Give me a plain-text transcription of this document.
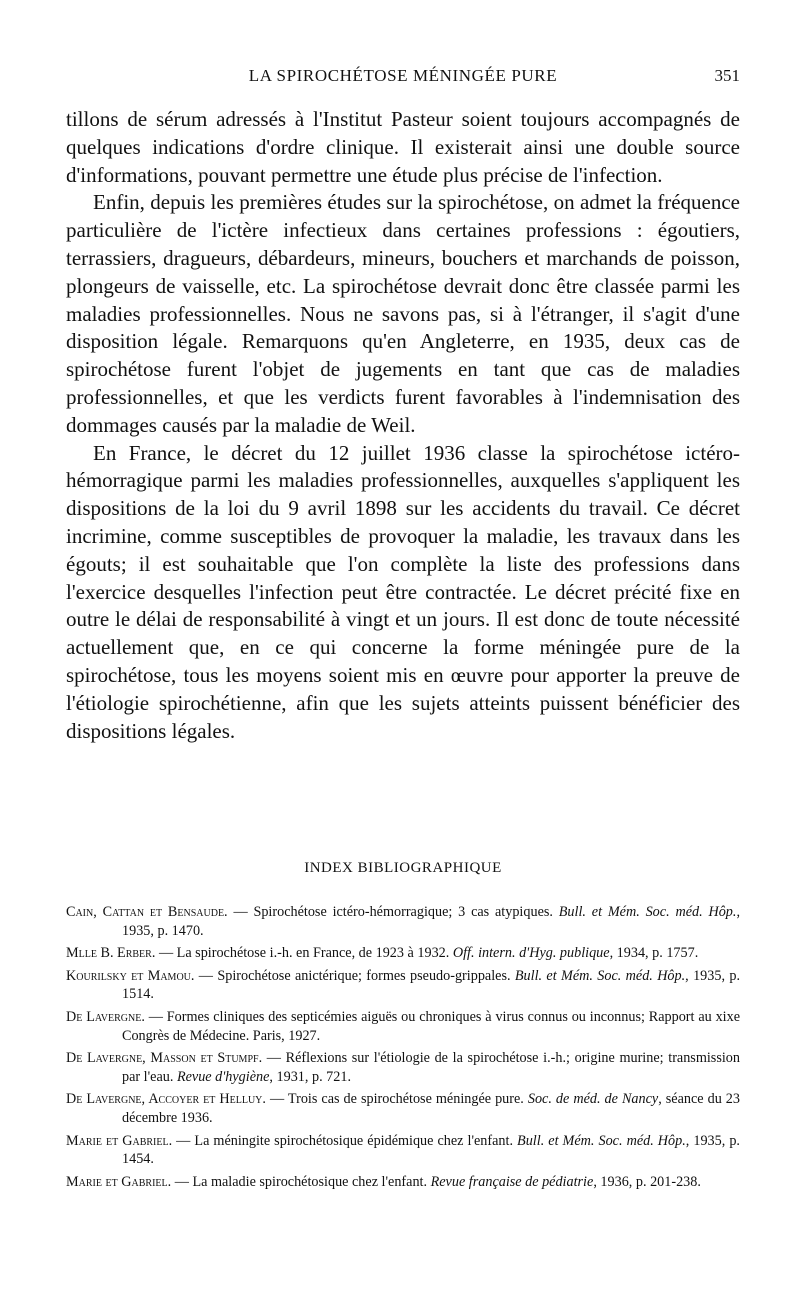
LA SPIROCHÉTOSE MÉNINGÉE PURE	351

tillons de sérum adressés à l'Institut Pasteur soient toujours accompagnés de quelques indications d'ordre clinique. Il existerait ainsi une double source d'informations, pouvant permettre une étude plus précise de l'infection.

Enfin, depuis les premières études sur la spirochétose, on admet la fréquence particulière de l'ictère infectieux dans certaines professions : égoutiers, terrassiers, dragueurs, débardeurs, mineurs, bouchers et marchands de poisson, plongeurs de vaisselle, etc. La spirochétose devrait donc être classée parmi les maladies professionnelles. Nous ne savons pas, si à l'étranger, il s'agit d'une disposition légale. Remarquons qu'en Angleterre, en 1935, deux cas de spirochétose furent l'objet de jugements en tant que cas de maladies professionnelles, et que les verdicts furent favorables à l'indemnisation des dommages causés par la maladie de Weil.

En France, le décret du 12 juillet 1936 classe la spirochétose ictéro-hémorragique parmi les maladies professionnelles, auxquelles s'appliquent les dispositions de la loi du 9 avril 1898 sur les accidents du travail. Ce décret incrimine, comme susceptibles de provoquer la maladie, les travaux dans les égouts; il est souhaitable que l'on complète la liste des professions dans l'exercice desquelles l'infection peut être contractée. Le décret précité fixe en outre le délai de responsabilité à vingt et un jours. Il est donc de toute nécessité actuellement que, en ce qui concerne la forme méningée pure de la spirochétose, tous les moyens soient mis en œuvre pour apporter la preuve de l'étiologie spirochétienne, afin que les sujets atteints puissent bénéficier des dispositions légales.

INDEX BIBLIOGRAPHIQUE

Cain, Cattan et Bensaude. — Spirochétose ictéro-hémorragique; 3 cas atypiques. Bull. et Mém. Soc. méd. Hôp., 1935, p. 1470.

Mlle B. Erber. — La spirochétose i.-h. en France, de 1923 à 1932. Off. intern. d'Hyg. publique, 1934, p. 1757.

Kourilsky et Mamou. — Spirochétose anictérique; formes pseudo-grippales. Bull. et Mém. Soc. méd. Hôp., 1935, p. 1514.

De Lavergne. — Formes cliniques des septicémies aiguës ou chroniques à virus connus ou inconnus; Rapport au xixe Congrès de Médecine. Paris, 1927.

De Lavergne, Masson et Stumpf. — Réflexions sur l'étiologie de la spirochétose i.-h.; origine murine; transmission par l'eau. Revue d'hygiène, 1931, p. 721.

De Lavergne, Accoyer et Helluy. — Trois cas de spirochétose méningée pure. Soc. de méd. de Nancy, séance du 23 décembre 1936.

Marie et Gabriel. — La méningite spirochétosique épidémique chez l'enfant. Bull. et Mém. Soc. méd. Hôp., 1935, p. 1454.

Marie et Gabriel. — La maladie spirochétosique chez l'enfant. Revue française de pédiatrie, 1936, p. 201-238.
